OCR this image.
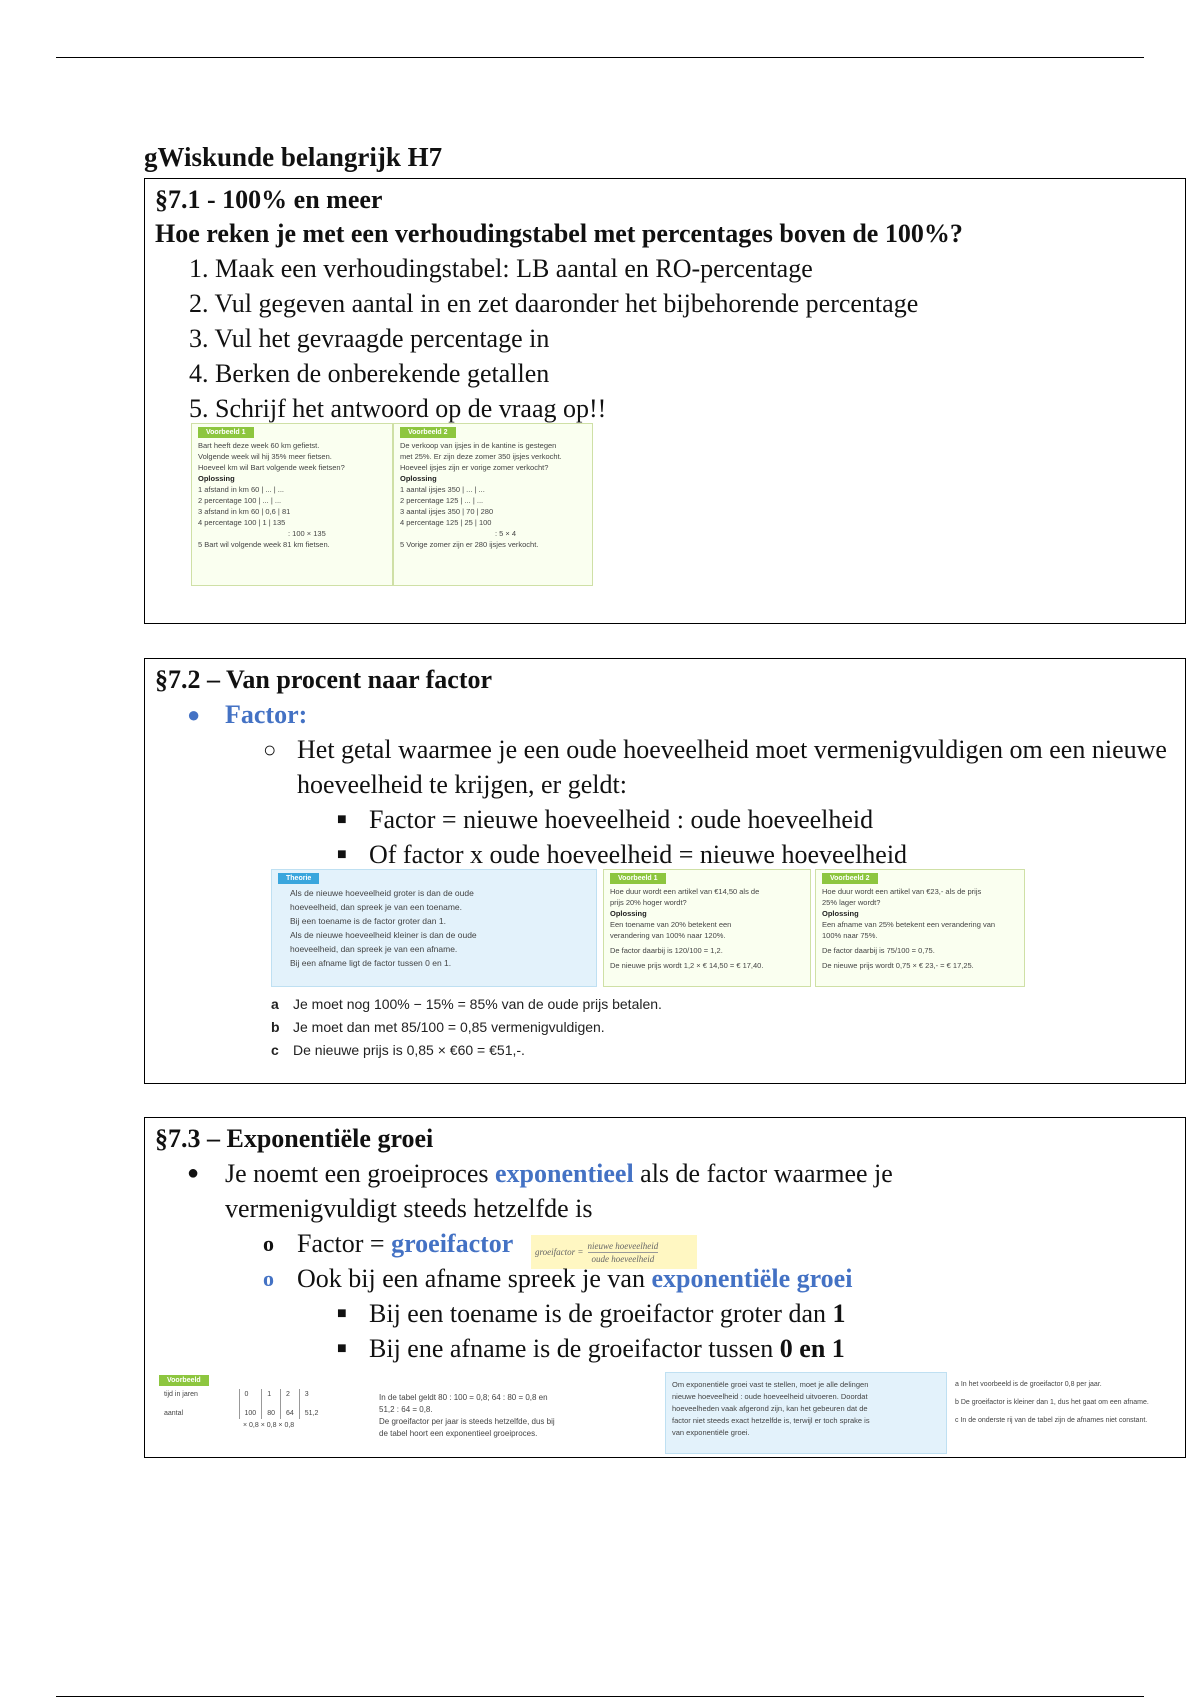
gWiskunde belangrijk H7
§7.1 - 100% en meer
Hoe reken je met een verhoudingstabel met percentages boven de 100%?
1. Maak een verhoudingstabel: LB aantal en RO-percentage
2. Vul gegeven aantal in en zet daaronder het bijbehorende percentage
3. Vul het gevraagde percentage in
4. Berken de onberekende getallen
5. Schrijf het antwoord op de vraag op!!
Voorbeeld 1
Bart heeft deze week 60 km gefietst.
Volgende week wil hij 35% meer fietsen.
Hoeveel km wil Bart volgende week fietsen?
Oplossing
1 afstand in km 60 | ... | ...
2 percentage 100 | ... | ...
3 afstand in km 60 | 0,6 | 81
4 percentage 100 | 1 | 135
: 100 × 135
5 Bart wil volgende week 81 km fietsen.
Voorbeeld 2
De verkoop van ijsjes in de kantine is gestegen
met 25%. Er zijn deze zomer 350 ijsjes verkocht.
Hoeveel ijsjes zijn er vorige zomer verkocht?
Oplossing
1 aantal ijsjes 350 | ... | ...
2 percentage 125 | ... | ...
3 aantal ijsjes 350 | 70 | 280
4 percentage 125 | 25 | 100
: 5 × 4
5 Vorige zomer zijn er 280 ijsjes verkocht.
§7.2 – Van procent naar factor
● Factor:
○ Het getal waarmee je een oude hoeveelheid moet vermenigvuldigen om een nieuwe hoeveelheid te krijgen, er geldt:
■ Factor = nieuwe hoeveelheid : oude hoeveelheid
■ Of factor x oude hoeveelheid = nieuwe hoeveelheid
Theorie
Als de nieuwe hoeveelheid groter is dan de oude
hoeveelheid, dan spreek je van een toename.
Bij een toename is de factor groter dan 1.
Als de nieuwe hoeveelheid kleiner is dan de oude
hoeveelheid, dan spreek je van een afname.
Bij een afname ligt de factor tussen 0 en 1.
Voorbeeld 1
Hoe duur wordt een artikel van €14,50 als de
prijs 20% hoger wordt?
Oplossing
Een toename van 20% betekent een
verandering van 100% naar 120%.
De factor daarbij is 120/100 = 1,2.
De nieuwe prijs wordt 1,2 × € 14,50 = € 17,40.
Voorbeeld 2
Hoe duur wordt een artikel van €23,- als de prijs
25% lager wordt?
Oplossing
Een afname van 25% betekent een verandering van
100% naar 75%.
De factor daarbij is 75/100 = 0,75.
De nieuwe prijs wordt 0,75 × € 23,- = € 17,25.
a Je moet nog 100% − 15% = 85% van de oude prijs betalen.
b Je moet dan met 85/100 = 0,85 vermenigvuldigen.
c De nieuwe prijs is 0,85 × €60 = €51,-.
§7.3 – Exponentiële groei
● Je noemt een groeiproces exponentieel als de factor waarmee je
vermenigvuldigt steeds hetzelfde is
o Factor = groeifactor	groeifactor =
nieuwe hoeveelheid
oude hoeveelheid
o Ook bij een afname spreek je van exponentiële groei
■ Bij een toename is de groeifactor groter dan 1
■ Bij ene afname is de groeifactor tussen 0 en 1
Voorbeeld
tijd in jaren	0	1	2	3

aantal	100	80	64	51,2
× 0,8 × 0,8 × 0,8
In de tabel geldt 80 : 100 = 0,8; 64 : 80 = 0,8 en
51,2 : 64 = 0,8.
De groeifactor per jaar is steeds hetzelfde, dus bij
de tabel hoort een exponentieel groeiproces.
Om exponentiële groei vast te stellen, moet je alle delingen
nieuwe hoeveelheid : oude hoeveelheid uitvoeren. Doordat
hoeveelheden vaak afgerond zijn, kan het gebeuren dat de
factor niet steeds exact hetzelfde is, terwijl er toch sprake is
van exponentiële groei.
a In het voorbeeld is de groeifactor 0,8 per jaar.
b De groeifactor is kleiner dan 1, dus het gaat om een afname.
c In de onderste rij van de tabel zijn de afnames niet constant.
